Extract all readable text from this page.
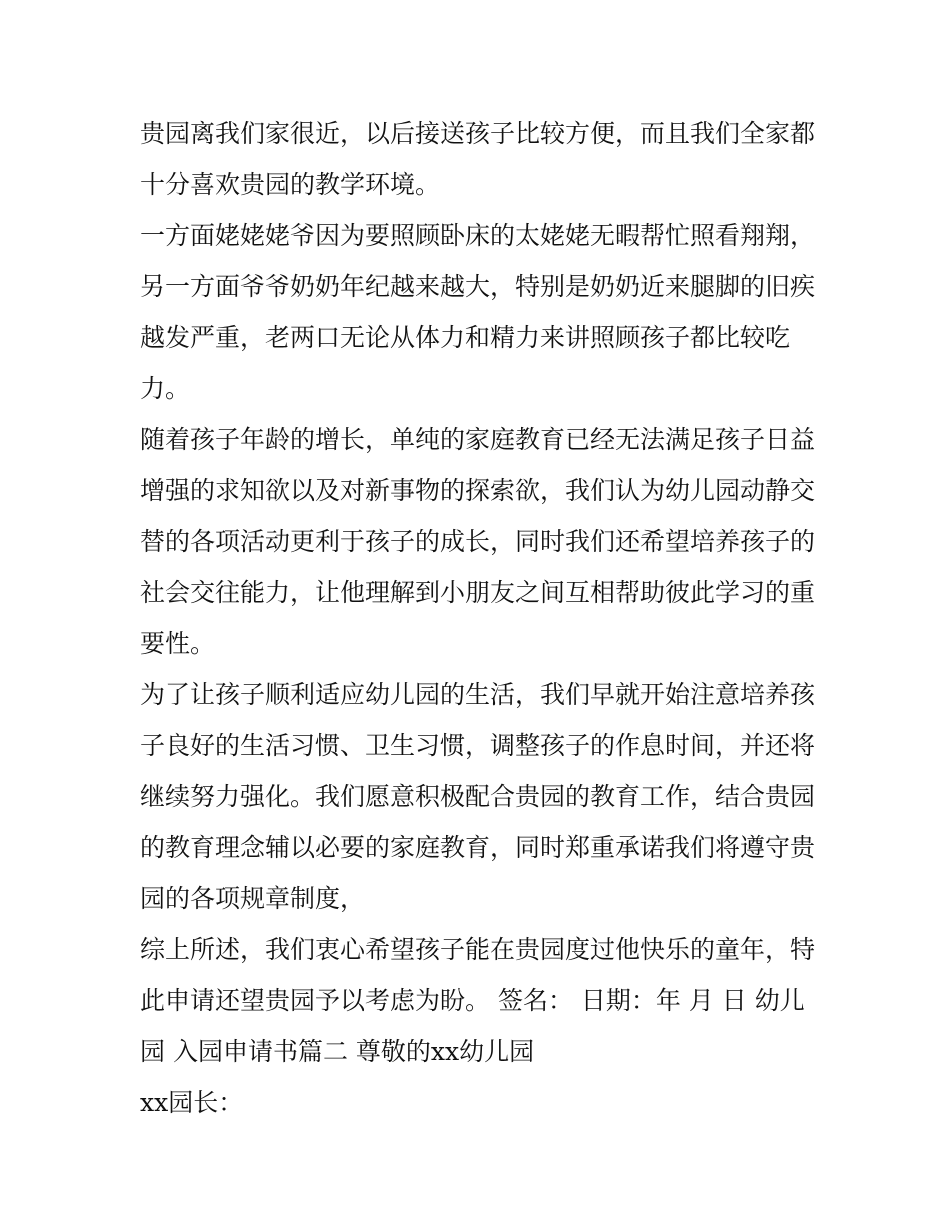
贵园离我们家很近，以后接送孩子比较方便，而且我们全家都十分喜欢贵园的教学环境。

一方面姥姥姥爷因为要照顾卧床的太姥姥无暇帮忙照看翔翔，另一方面爷爷奶奶年纪越来越大，特别是奶奶近来腿脚的旧疾越发严重，老两口无论从体力和精力来讲照顾孩子都比较吃力。

随着孩子年龄的增长，单纯的家庭教育已经无法满足孩子日益增强的求知欲以及对新事物的探索欲，我们认为幼儿园动静交替的各项活动更利于孩子的成长，同时我们还希望培养孩子的社会交往能力，让他理解到小朋友之间互相帮助彼此学习的重要性。

为了让孩子顺利适应幼儿园的生活，我们早就开始注意培养孩子良好的生活习惯、卫生习惯，调整孩子的作息时间，并还将继续努力强化。我们愿意积极配合贵园的教育工作，结合贵园的教育理念辅以必要的家庭教育，同时郑重承诺我们将遵守贵园的各项规章制度，

综上所述，我们衷心希望孩子能在贵园度过他快乐的童年，特此申请还望贵园予以考虑为盼。 签名： 日期：年 月 日 幼儿园 入园申请书篇二 尊敬的xx幼儿园

xx园长：
